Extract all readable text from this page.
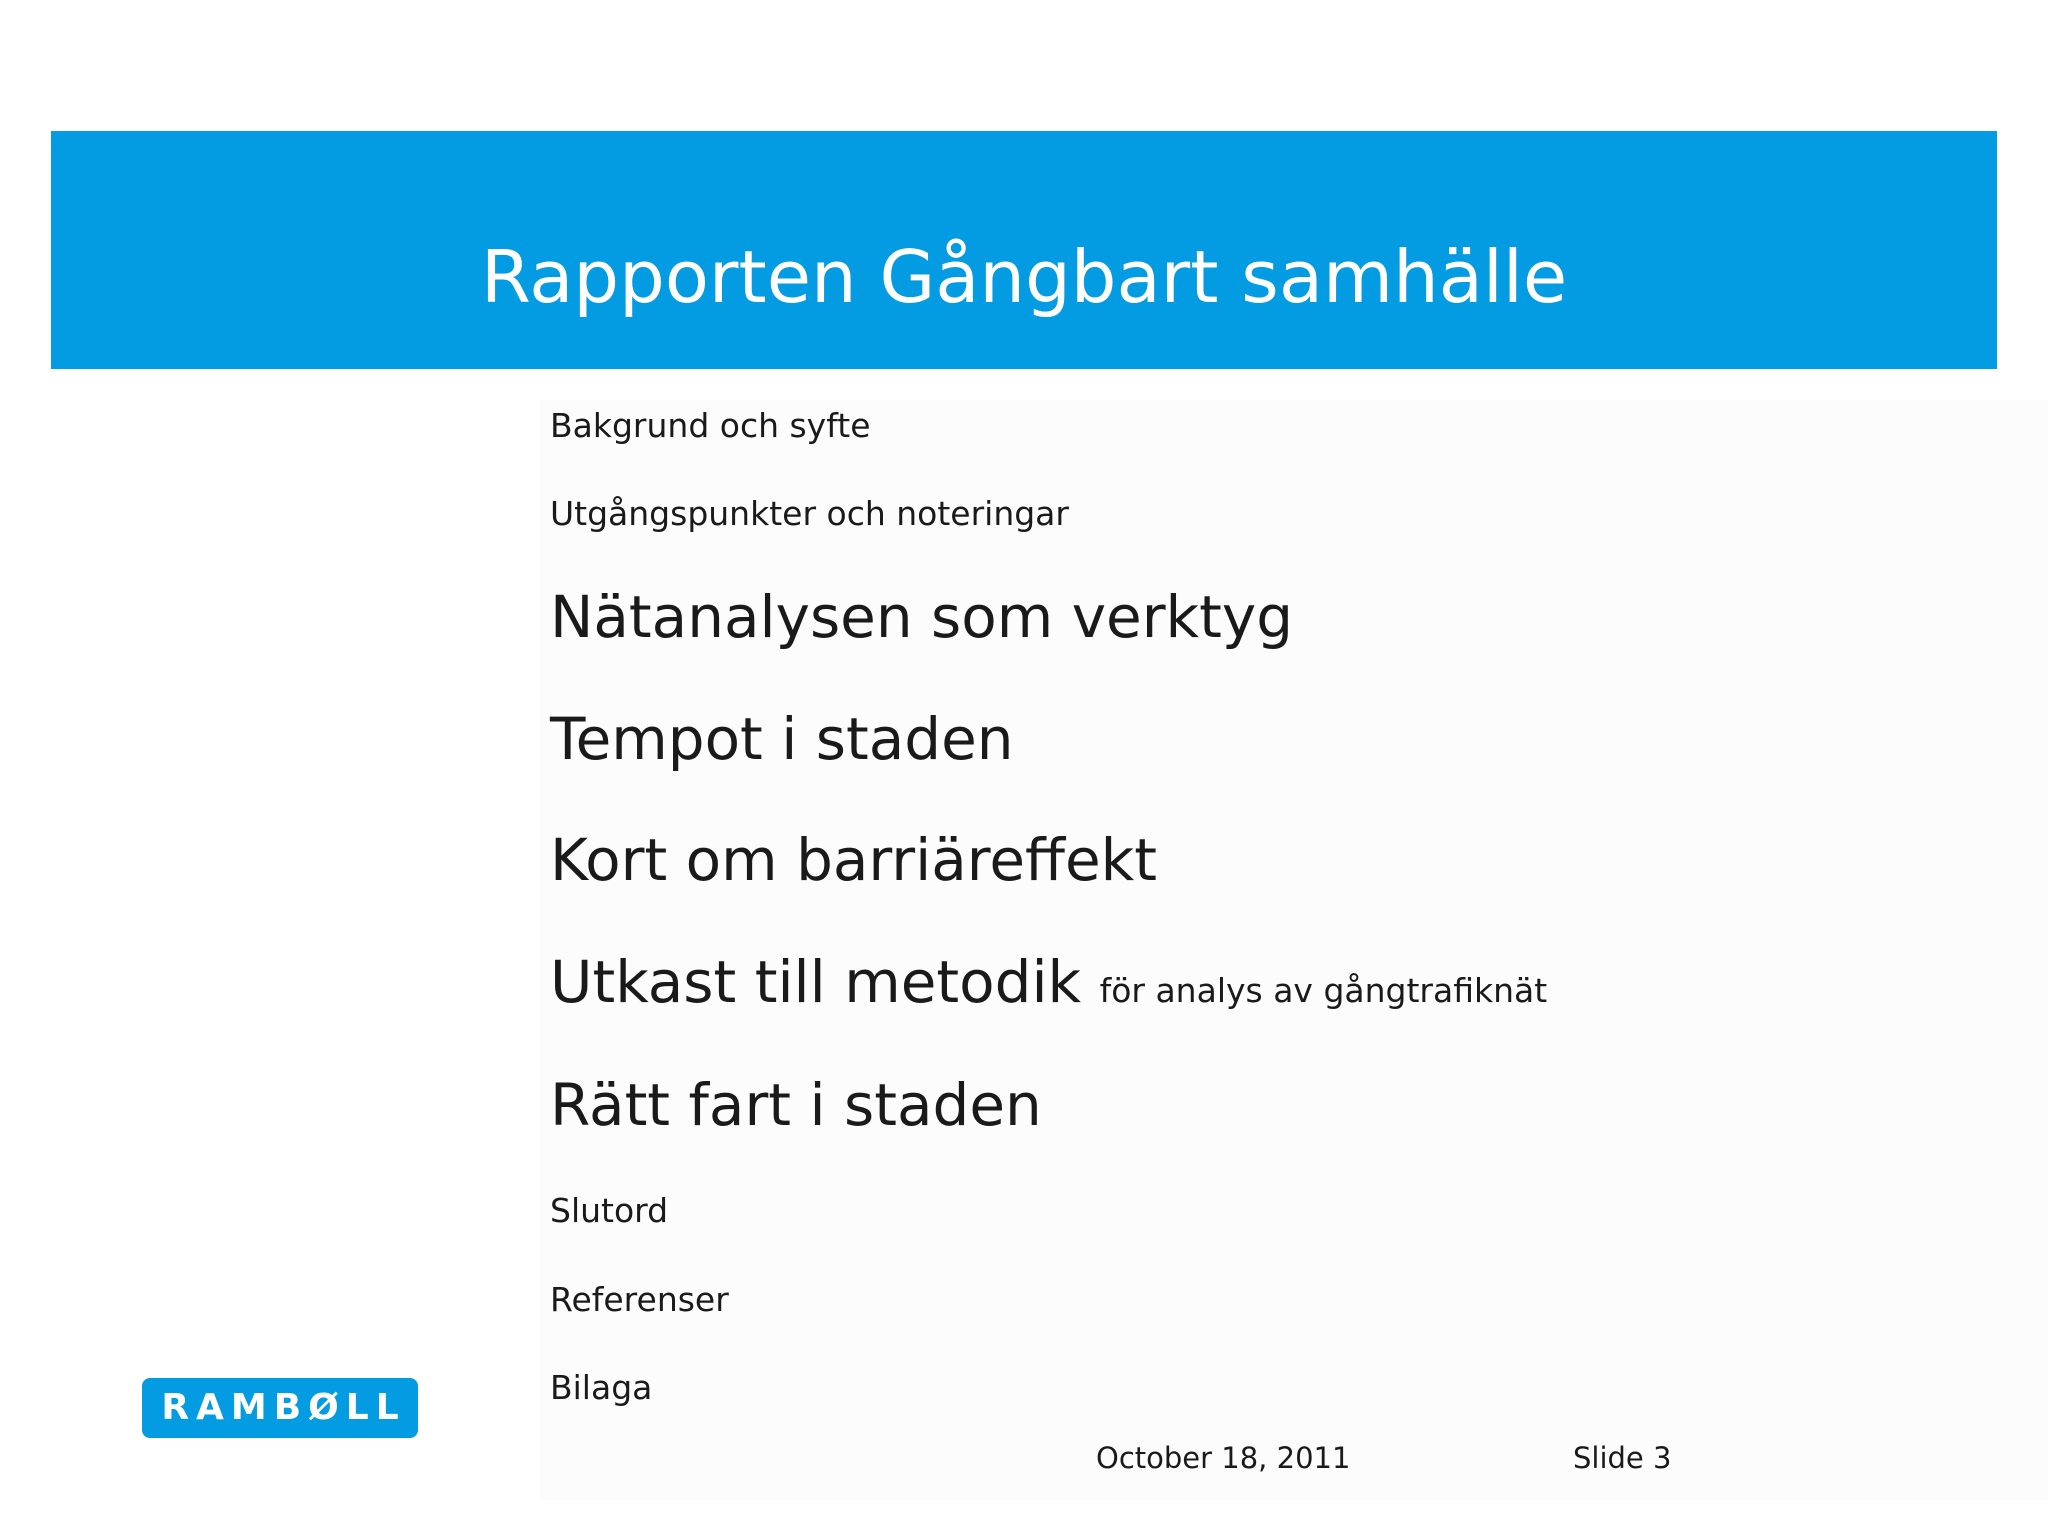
Rapporten Gångbart samhälle
Bakgrund och syfte
Utgångspunkter och noteringar
Nätanalysen som verktyg
Tempot i staden
Kort om barriäreffekt
Utkast till metodik för analys av gångtrafiknät
Rätt fart i staden
Slutord
Referenser
Bilaga
RAMBØLL
October 18, 2011	Slide 3
